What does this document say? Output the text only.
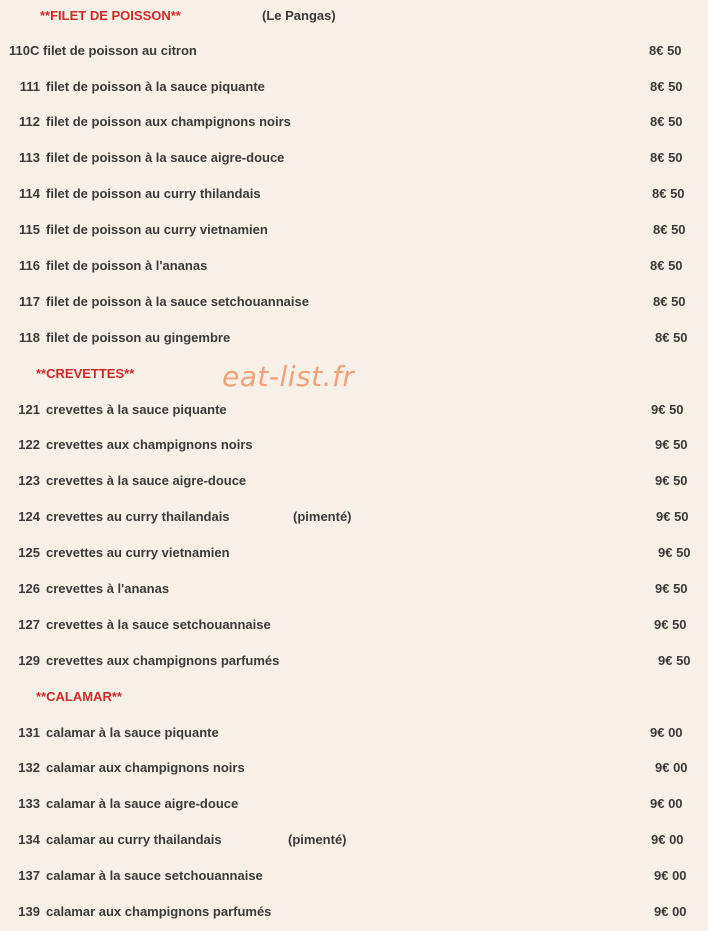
**FILET DE POISSON**	(Le Pangas)
110C filet de poisson au citron	8€ 50
111 filet de poisson à la sauce piquante	8€ 50
112 filet de poisson aux champignons noirs	8€ 50
113 filet de poisson à la sauce aigre-douce	8€ 50
114 filet de poisson au curry thilandais	8€ 50
115 filet de poisson au curry vietnamien	8€ 50
116 filet de poisson à l'ananas	8€ 50
117 filet de poisson à la sauce setchouannaise	8€ 50
118 filet de poisson au gingembre	8€ 50
**CREVETTES**	eat-list.fr
121 crevettes à la sauce piquante	9€ 50
122 crevettes aux champignons noirs	9€ 50
123 crevettes à la sauce aigre-douce	9€ 50
124 crevettes au curry thailandais	(pimenté)	9€ 50
125 crevettes au curry vietnamien	9€ 50
126 crevettes à l'ananas	9€ 50
127 crevettes à la sauce setchouannaise	9€ 50
129 crevettes aux champignons parfumés	9€ 50
**CALAMAR**
131 calamar à la sauce piquante	9€ 00
132 calamar aux champignons noirs	9€ 00
133 calamar à la sauce aigre-douce	9€ 00
134 calamar au curry thailandais	(pimenté)	9€ 00
137 calamar à la sauce setchouannaise	9€ 00
139 calamar aux champignons parfumés	9€ 00
